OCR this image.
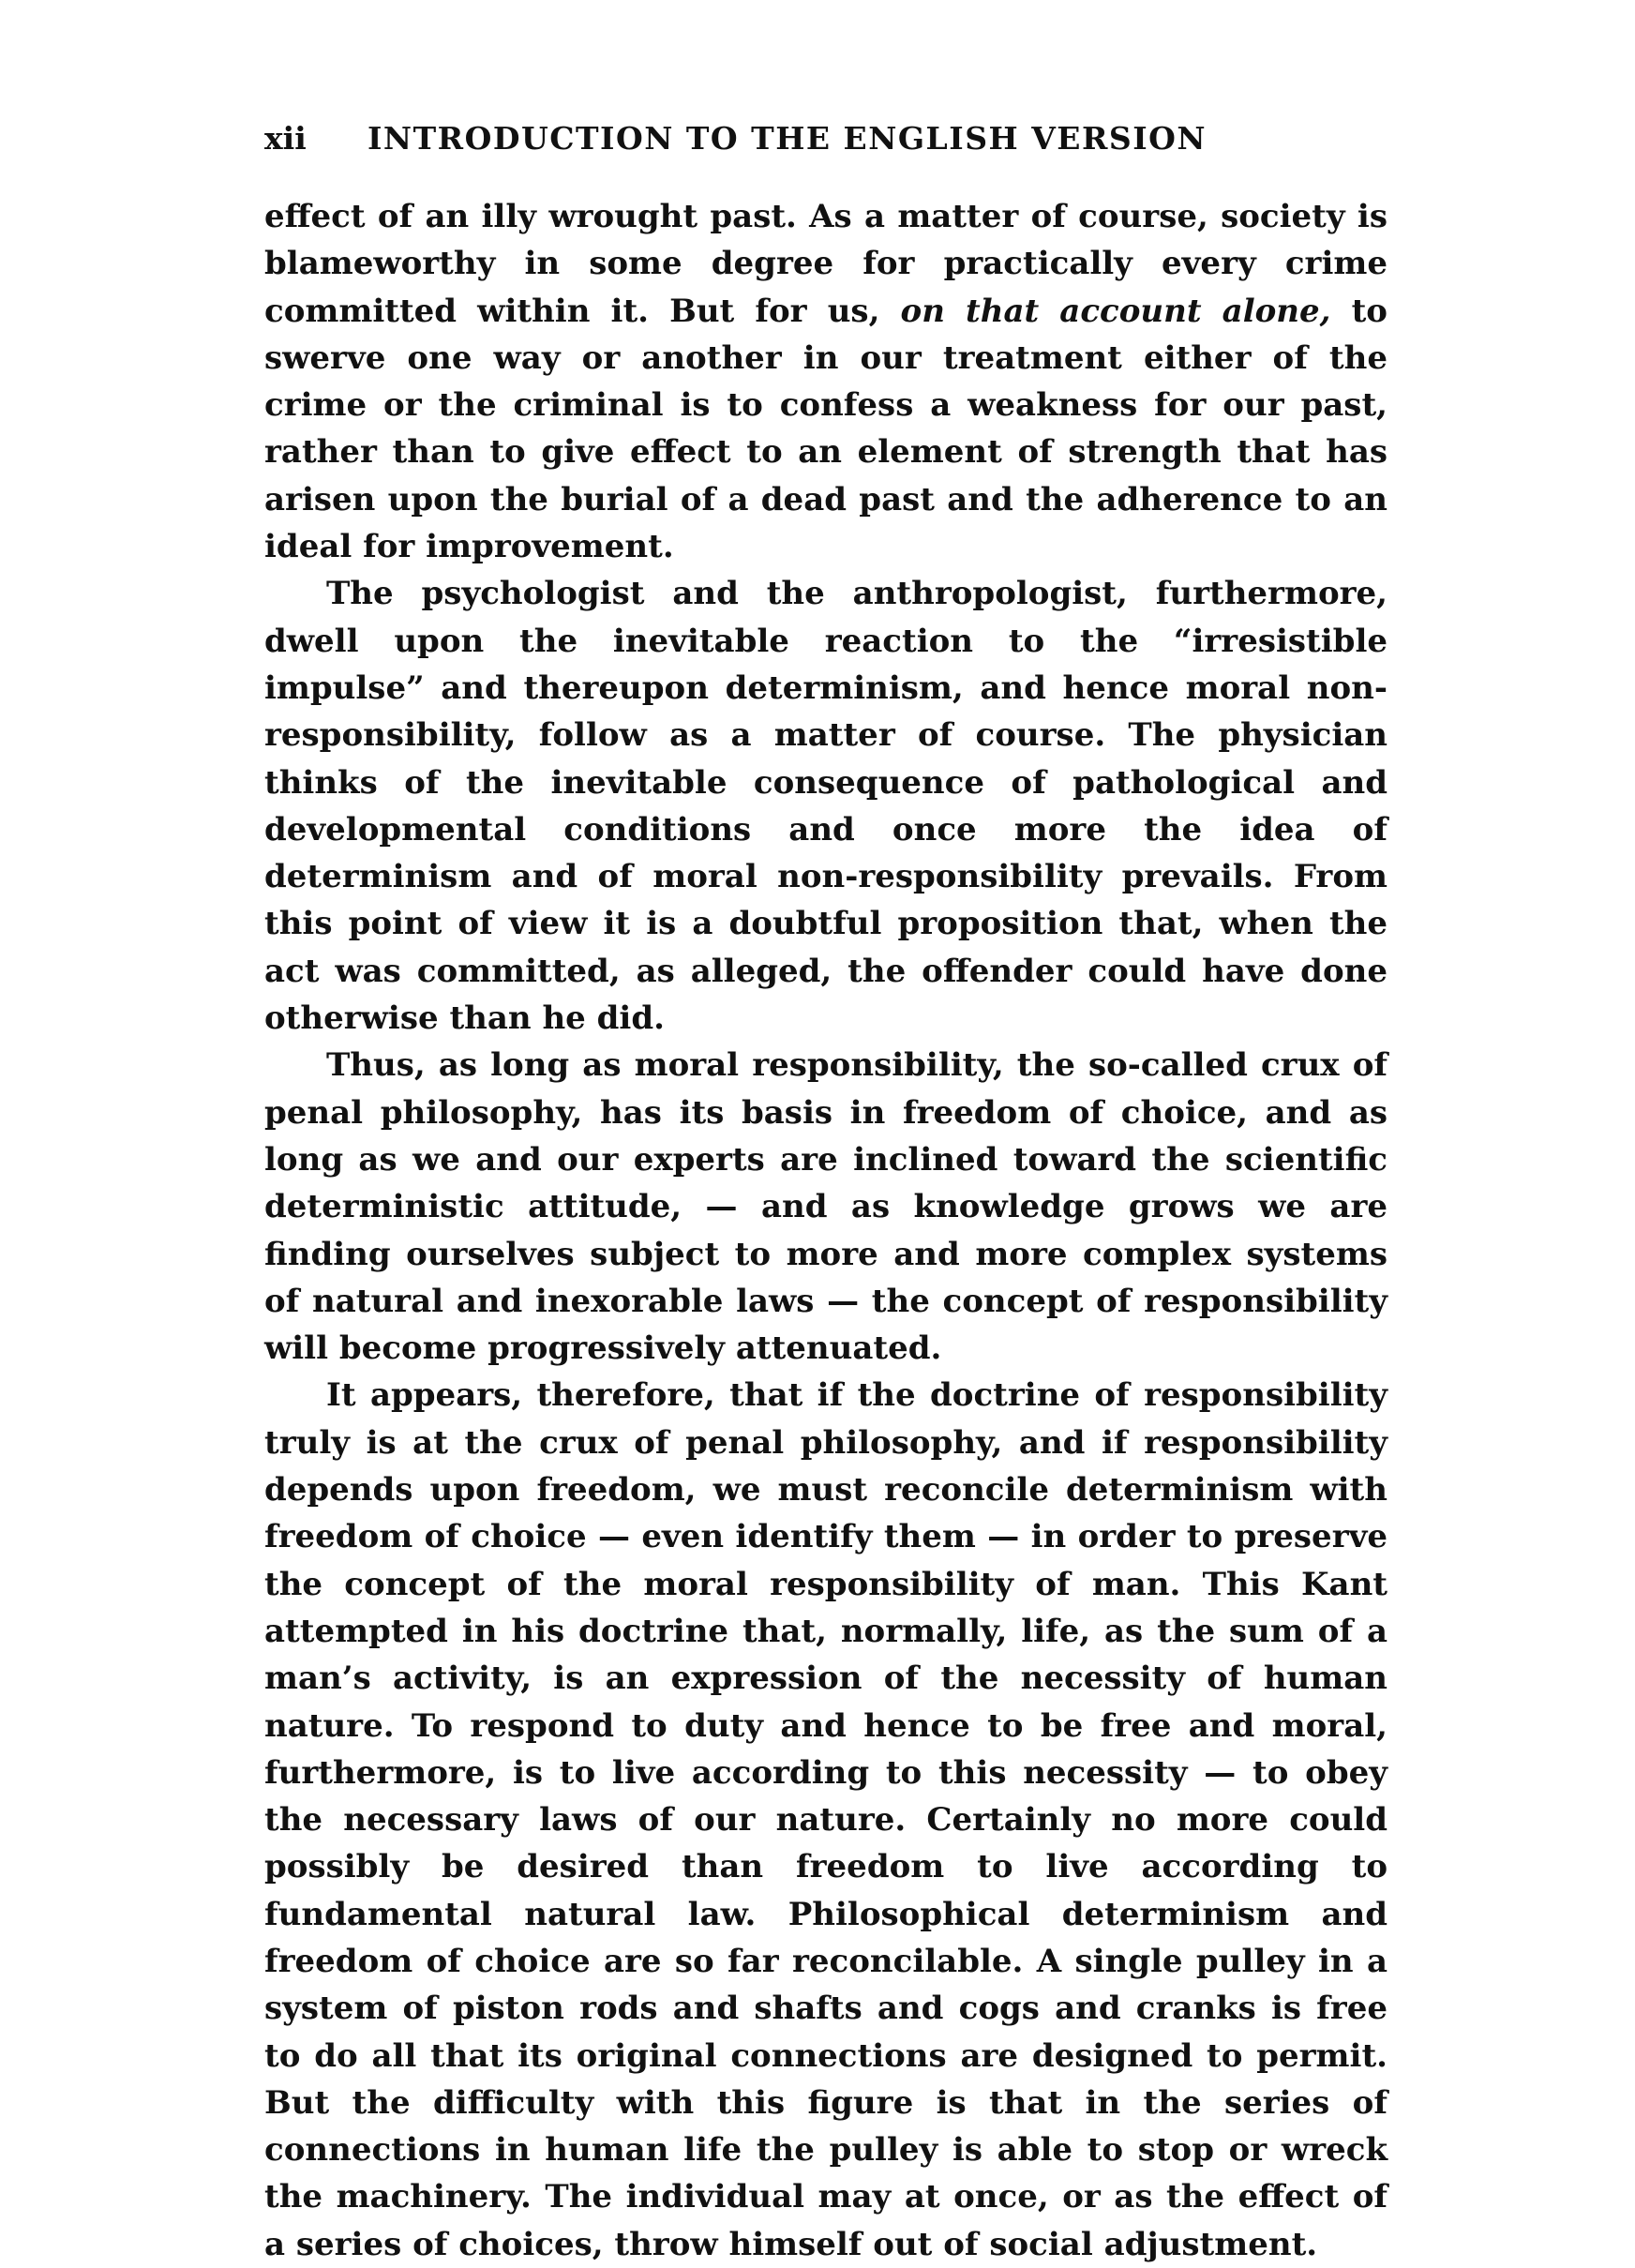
xii	INTRODUCTION TO THE ENGLISH VERSION

effect of an illy wrought past. As a matter of course, society is blameworthy in some degree for practically every crime committed within it. But for us, on that account alone, to swerve one way or another in our treatment either of the crime or the criminal is to confess a weakness for our past, rather than to give effect to an element of strength that has arisen upon the burial of a dead past and the adherence to an ideal for improvement.

The psychologist and the anthropologist, furthermore, dwell upon the inevitable reaction to the “irresistible impulse” and thereupon determinism, and hence moral non-responsibility, follow as a matter of course. The physician thinks of the inevitable consequence of pathological and developmental conditions and once more the idea of determinism and of moral non-responsibility prevails. From this point of view it is a doubtful proposition that, when the act was committed, as alleged, the offender could have done otherwise than he did.

Thus, as long as moral responsibility, the so-called crux of penal philosophy, has its basis in freedom of choice, and as long as we and our experts are inclined toward the scientific deterministic attitude, — and as knowledge grows we are finding ourselves subject to more and more complex systems of natural and inexorable laws — the concept of responsibility will become progressively attenuated.

It appears, therefore, that if the doctrine of responsibility truly is at the crux of penal philosophy, and if responsibility depends upon freedom, we must reconcile determinism with freedom of choice — even identify them — in order to preserve the concept of the moral responsibility of man. This Kant attempted in his doctrine that, normally, life, as the sum of a man’s activity, is an expression of the necessity of human nature. To respond to duty and hence to be free and moral, furthermore, is to live according to this necessity — to obey the necessary laws of our nature. Certainly no more could possibly be desired than freedom to live according to fundamental natural law. Philosophical determinism and freedom of choice are so far reconcilable. A single pulley in a system of piston rods and shafts and cogs and cranks is free to do all that its original connections are designed to permit. But the difficulty with this figure is that in the series of connections in human life the pulley is able to stop or wreck the machinery. The individual may at once, or as the effect of a series of choices, throw himself out of social adjustment.
